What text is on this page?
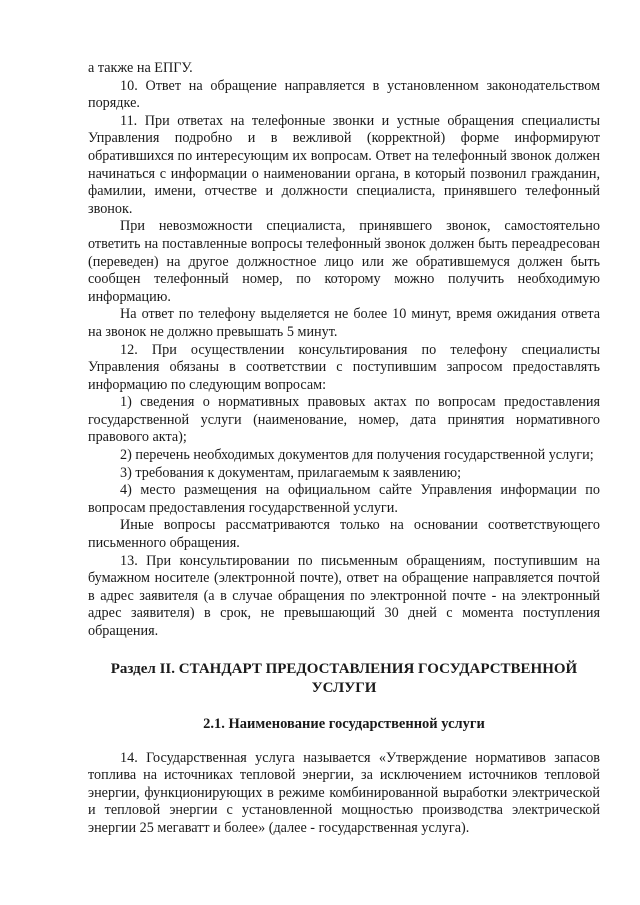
а также на ЕПГУ.

10. Ответ на обращение направляется в установленном законодательством порядке.

11. При ответах на телефонные звонки и устные обращения специалисты Управления подробно и в вежливой (корректной) форме информируют обратившихся по интересующим их вопросам. Ответ на телефонный звонок должен начинаться с информации о наименовании органа, в который позвонил гражданин, фамилии, имени, отчестве и должности специалиста, принявшего телефонный звонок.

При невозможности специалиста, принявшего звонок, самостоятельно ответить на поставленные вопросы телефонный звонок должен быть переадресован (переведен) на другое должностное лицо или же обратившемуся должен быть сообщен телефонный номер, по которому можно получить необходимую информацию.

На ответ по телефону выделяется не более 10 минут, время ожидания ответа на звонок не должно превышать 5 минут.

12. При осуществлении консультирования по телефону специалисты Управления обязаны в соответствии с поступившим запросом предоставлять информацию по следующим вопросам:

1) сведения о нормативных правовых актах по вопросам предоставления государственной услуги (наименование, номер, дата принятия нормативного правового акта);

2) перечень необходимых документов для получения государственной услуги;

3) требования к документам, прилагаемым к заявлению;

4) место размещения на официальном сайте Управления информации по вопросам предоставления государственной услуги.

Иные вопросы рассматриваются только на основании соответствующего письменного обращения.

13. При консультировании по письменным обращениям, поступившим на бумажном носителе (электронной почте), ответ на обращение направляется почтой в адрес заявителя (а в случае обращения по электронной почте - на электронный адрес заявителя) в срок, не превышающий 30 дней с момента поступления обращения.

Раздел II. СТАНДАРТ ПРЕДОСТАВЛЕНИЯ ГОСУДАРСТВЕННОЙ УСЛУГИ
2.1. Наименование государственной услуги

14. Государственная услуга называется «Утверждение нормативов запасов топлива на источниках тепловой энергии, за исключением источников тепловой энергии, функционирующих в режиме комбинированной выработки электрической и тепловой энергии с установленной мощностью производства электрической энергии 25 мегаватт и более» (далее - государственная услуга).
